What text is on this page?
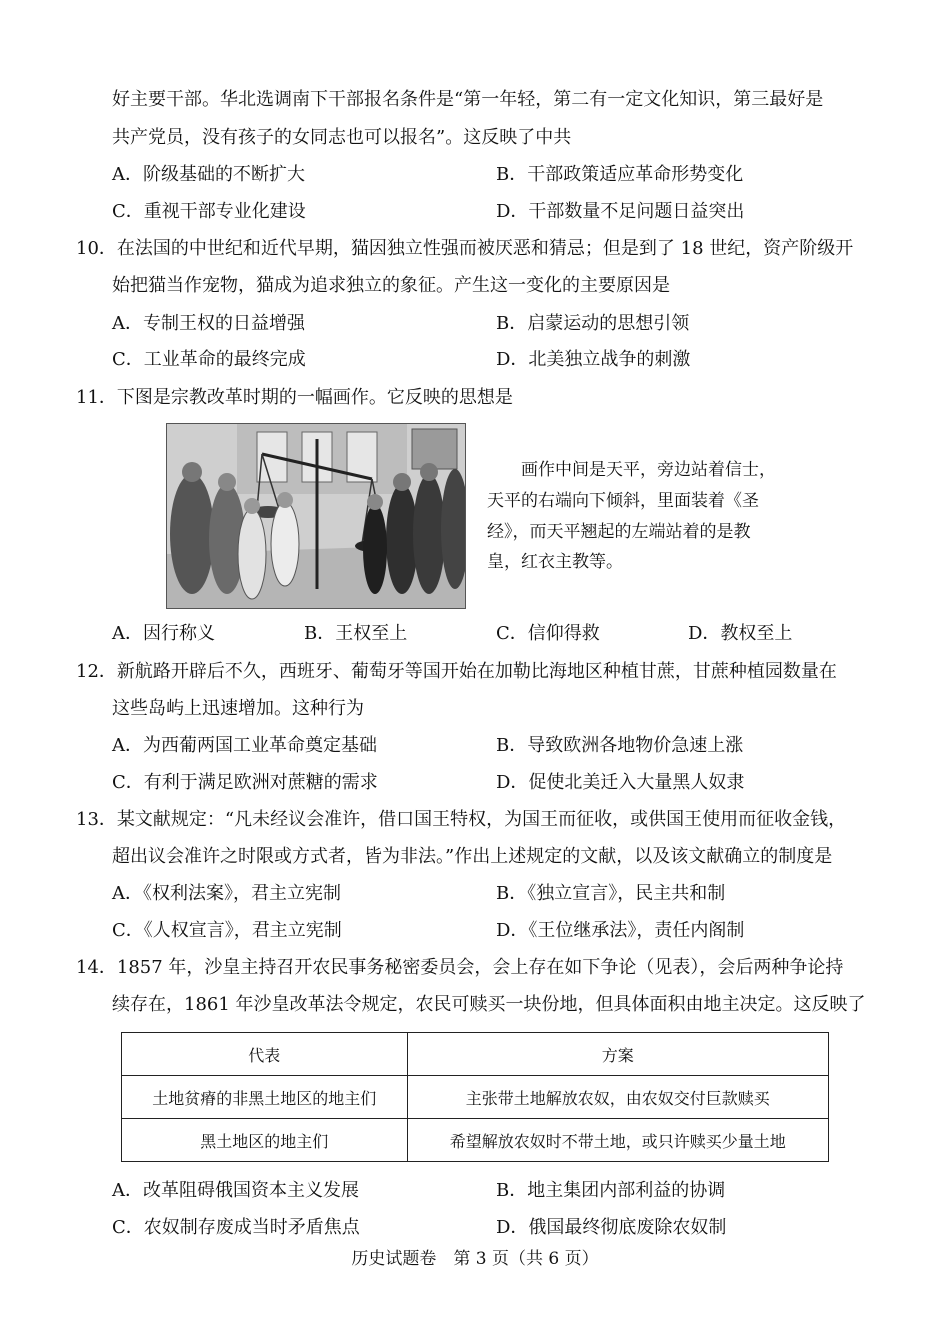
好主要干部。华北选调南下干部报名条件是“第一年轻，第二有一定文化知识，第三最好是
共产党员，没有孩子的女同志也可以报名”。这反映了中共
A．阶级基础的不断扩大	B．干部政策适应革命形势变化
C．重视干部专业化建设	D．干部数量不足问题日益突出
10．在法国的中世纪和近代早期，猫因独立性强而被厌恶和猜忌；但是到了 18 世纪，资产阶级开
始把猫当作宠物，猫成为追求独立的象征。产生这一变化的主要原因是
A．专制王权的日益增强	B．启蒙运动的思想引领
C．工业革命的最终完成	D．北美独立战争的刺激
11．下图是宗教改革时期的一幅画作。它反映的思想是
画作中间是天平，旁边站着信士，
天平的右端向下倾斜，里面装着《圣
经》，而天平翘起的左端站着的是教
皇，红衣主教等。
A．因行称义	B．王权至上	C．信仰得救	D．教权至上
12．新航路开辟后不久，西班牙、葡萄牙等国开始在加勒比海地区种植甘蔗，甘蔗种植园数量在
这些岛屿上迅速增加。这种行为
A．为西葡两国工业革命奠定基础	B．导致欧洲各地物价急速上涨
C．有利于满足欧洲对蔗糖的需求	D．促使北美迁入大量黑人奴隶
13．某文献规定：“凡未经议会准许，借口国王特权，为国王而征收，或供国王使用而征收金钱，
超出议会准许之时限或方式者，皆为非法。”作出上述规定的文献，以及该文献确立的制度是
A．《权利法案》，君主立宪制	B．《独立宣言》，民主共和制
C．《人权宣言》，君主立宪制	D．《王位继承法》，责任内阁制
14．1857 年，沙皇主持召开农民事务秘密委员会，会上存在如下争论（见表），会后两种争论持
续存在，1861 年沙皇改革法令规定，农民可赎买一块份地，但具体面积由地主决定。这反映了
代表	方案
土地贫瘠的非黑土地区的地主们	主张带土地解放农奴，由农奴交付巨款赎买
黑土地区的地主们	希望解放农奴时不带土地，或只许赎买少量土地
A．改革阻碍俄国资本主义发展	B．地主集团内部利益的协调
C．农奴制存废成当时矛盾焦点	D．俄国最终彻底废除农奴制
历史试题卷　第 3 页（共 6 页）
